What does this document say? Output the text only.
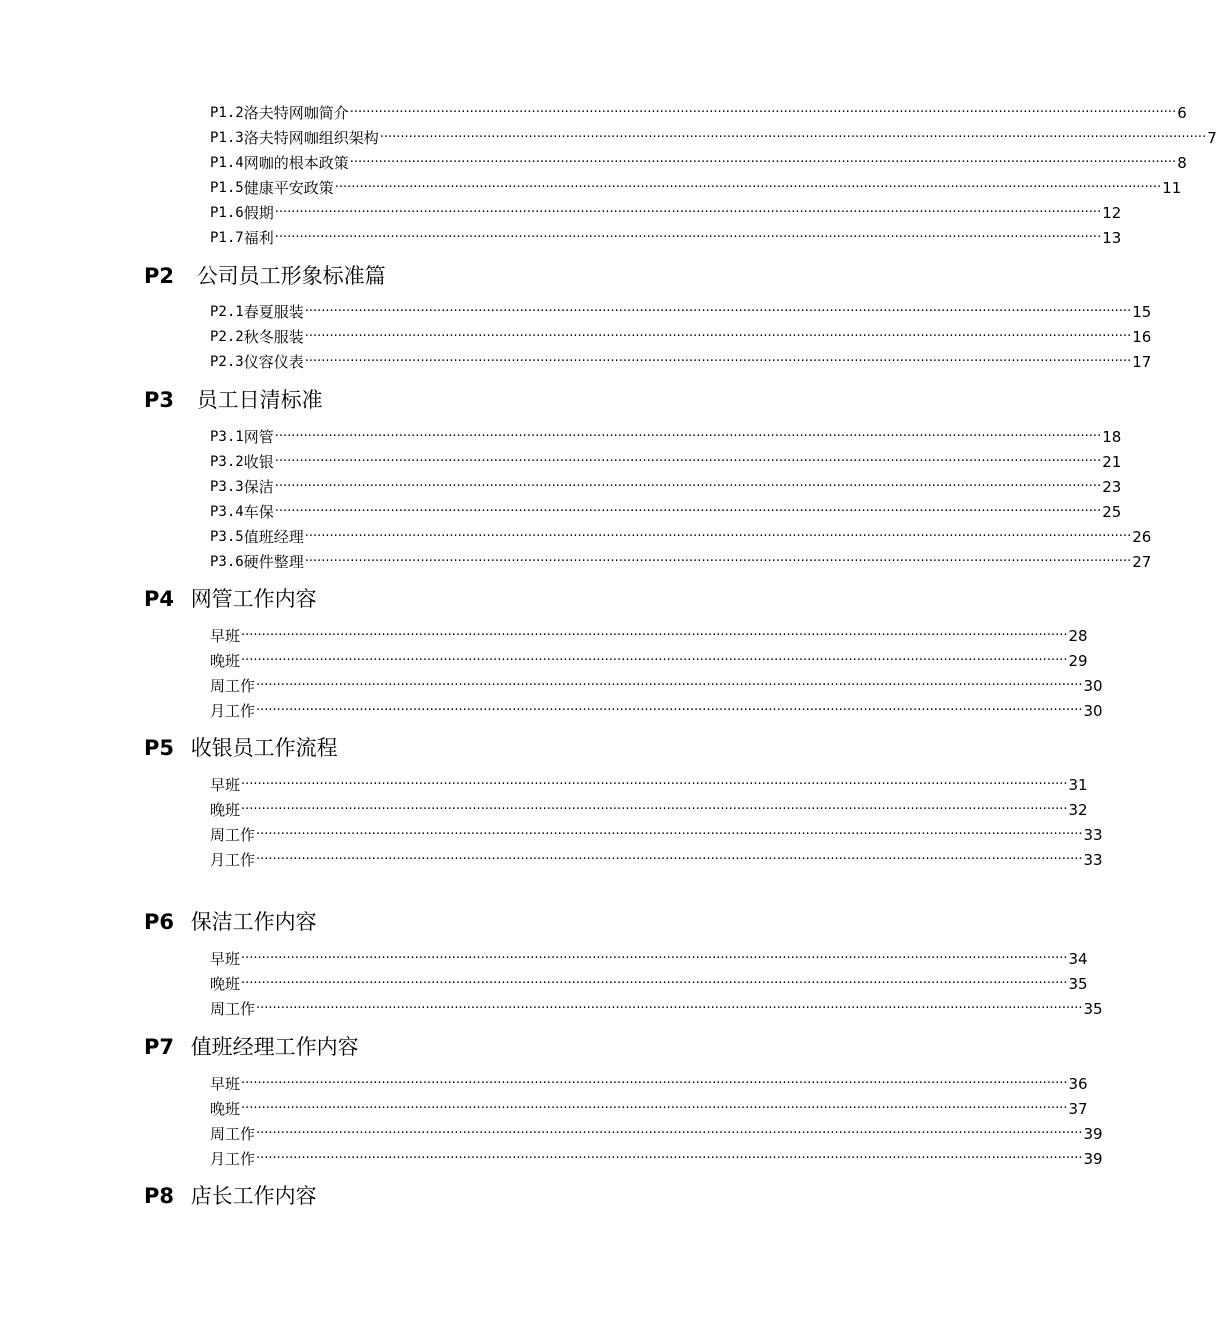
P1.2 洛夫特网咖简介 ········································································································································································································ 6
P1.3 洛夫特网咖组织架构 ········································································································································································································ 7
P1.4 网咖的根本政策 ········································································································································································································ 8
P1.5 健康平安政策 ········································································································································································································ 11
P1.6 假期 ········································································································································································································ 12
P1.7 福利 ········································································································································································································ 13
P2 公司员工形象标准篇
P2.1 春夏服装 ········································································································································································································ 15
P2.2 秋冬服装 ········································································································································································································ 16
P2.3 仪容仪表 ········································································································································································································ 17
P3 员工日清标准
P3.1 网管 ········································································································································································································ 18
P3.2 收银 ········································································································································································································ 21
P3.3 保洁 ········································································································································································································ 23
P3.4 车保 ········································································································································································································ 25
P3.5 值班经理 ········································································································································································································ 26
P3.6 硬件整理 ········································································································································································································ 27
P4 网管工作内容
早班 ········································································································································································································ 28
晚班 ········································································································································································································ 29
周工作 ········································································································································································································ 30
月工作 ········································································································································································································ 30
P5 收银员工作流程
早班 ········································································································································································································ 31
晚班 ········································································································································································································ 32
周工作 ········································································································································································································ 33
月工作 ········································································································································································································ 33
P6 保洁工作内容
早班 ········································································································································································································ 34
晚班 ········································································································································································································ 35
周工作 ········································································································································································································ 35
P7 值班经理工作内容
早班 ········································································································································································································ 36
晚班 ········································································································································································································ 37
周工作 ········································································································································································································ 39
月工作 ········································································································································································································ 39
P8 店长工作内容
